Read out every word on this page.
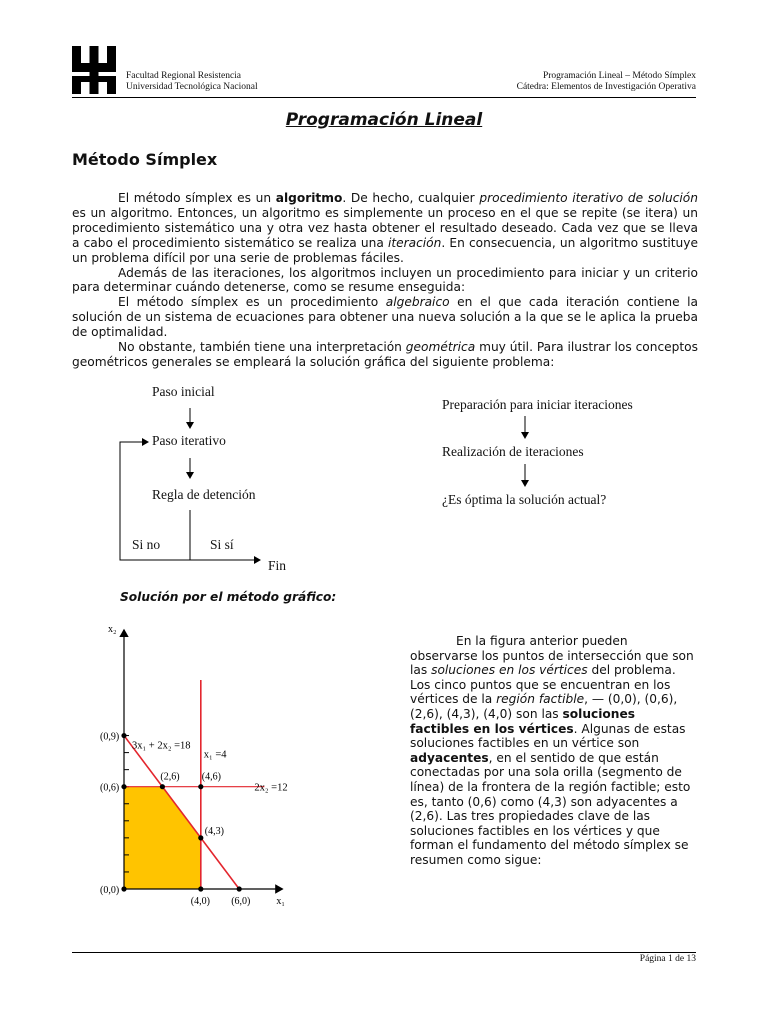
Facultad Regional Resistencia
Universidad Tecnológica Nacional
Programación Lineal – Método Símplex
Cátedra: Elementos de Investigación Operativa
Programación Lineal
Método Símplex

El método símplex es un algoritmo. De hecho, cualquier procedimiento iterativo de solución es un algoritmo. Entonces, un algoritmo es simplemente un proceso en el que se repite (se itera) un procedimiento sistemático una y otra vez hasta obtener el resultado deseado. Cada vez que se lleva a cabo el procedimiento sistemático se realiza una iteración. En consecuencia, un algoritmo sustituye un problema difícil por una serie de problemas fáciles.

Además de las iteraciones, los algoritmos incluyen un procedimiento para iniciar y un criterio para determinar cuándo detenerse, como se resume enseguida:

El método símplex es un procedimiento algebraico en el que cada iteración contiene la solución de un sistema de ecuaciones para obtener una nueva solución a la que se le aplica la prueba de optimalidad.

No obstante, también tiene una interpretación geométrica muy útil. Para ilustrar los conceptos geométricos generales se empleará la solución gráfica del siguiente problema:

Paso inicial
Paso iterativo
Regla de detención
Si no	Si sí
Fin
Preparación para iniciar iteraciones
Realización de iteraciones
¿Es óptima la solución actual?
Solución por el método gráfico:
(0,0)
(0,6)
(0,9)
(2,6) (4,6)
(4,3)
(4,0) (6,0)	x₁
x₂
3x₁ + 2x₂ =18
x₁ =4
2x₂ =12

En la figura anterior pueden observarse los puntos de intersección que son las soluciones en los vértices del problema. Los cinco puntos que se encuentran en los vértices de la región factible, — (0,0), (0,6), (2,6), (4,3), (4,0) son las soluciones factibles en los vértices. Algunas de estas soluciones factibles en un vértice son adyacentes, en el sentido de que están conectadas por una sola orilla (segmento de línea) de la frontera de la región factible; esto es, tanto (0,6) como (4,3) son adyacentes a (2,6). Las tres propiedades clave de las soluciones factibles en los vértices y que forman el fundamento del método símplex se resumen como sigue:

Página 1 de 13
